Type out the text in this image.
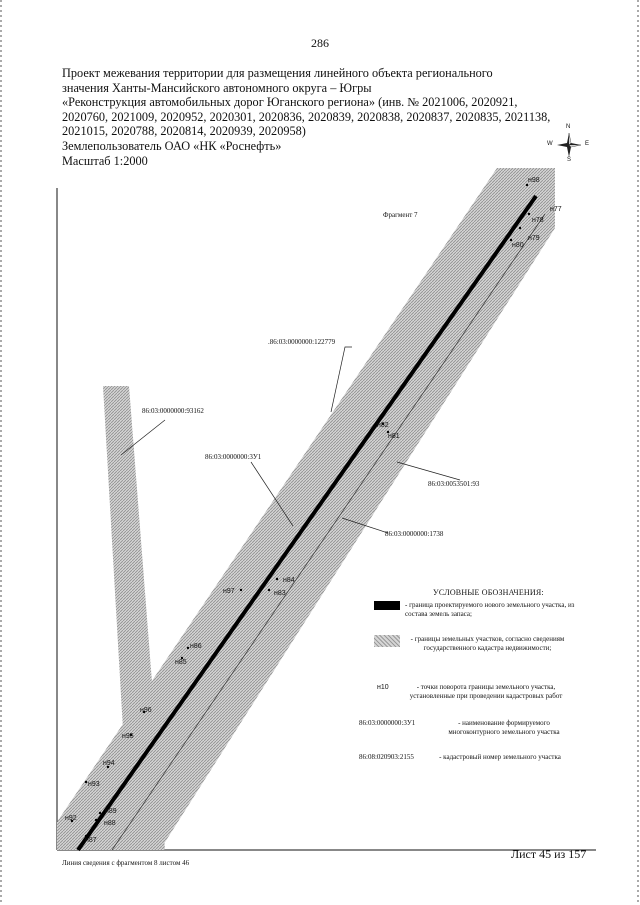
286
Проект межевания территории для размещения линейного объекта регионального
значения Ханты-Мансийского автономного округа – Югры
«Реконструкция автомобильных дорог Юганского региона» (инв. № 2021006, 2020921,
2020760, 2021009, 2020952, 2020301, 2020836, 2020839, 2020838, 2020837, 2020835, 2021138,
2021015, 2020788, 2020814, 2020939, 2020958)
Землепользователь ОАО «НК «Роснефть»
Масштаб 1:2000
.86:03:0000000:122779
86:03:0000000:93162
86:03:0000000:3У1
86:03:0053501:93
86:03:0000000:1738
н98
н77
н78
н79
н80
н82
н81
н84
н83
н97
н86
н85
н96
н95
н94
н93
н89
н88
н92
н87
Фрагмент 7
N
S
W	E
УСЛОВНЫЕ ОБОЗНАЧЕНИЯ:
- граница проектируемого нового земельного участка, из состава земель запаса;
- границы земельных участков, согласно сведениям государственного кадастра недвижимости;
н10	- точки поворота границы земельного участка, установленные при проведении кадастровых работ
86:03:0000000:3У1	- наименование формируемого многоконтурного земельного участка
86:08:020903:2155	- кадастровый номер земельного участка
Линия сведения с фрагментом 8 листом 46
Лист 45 из 157
